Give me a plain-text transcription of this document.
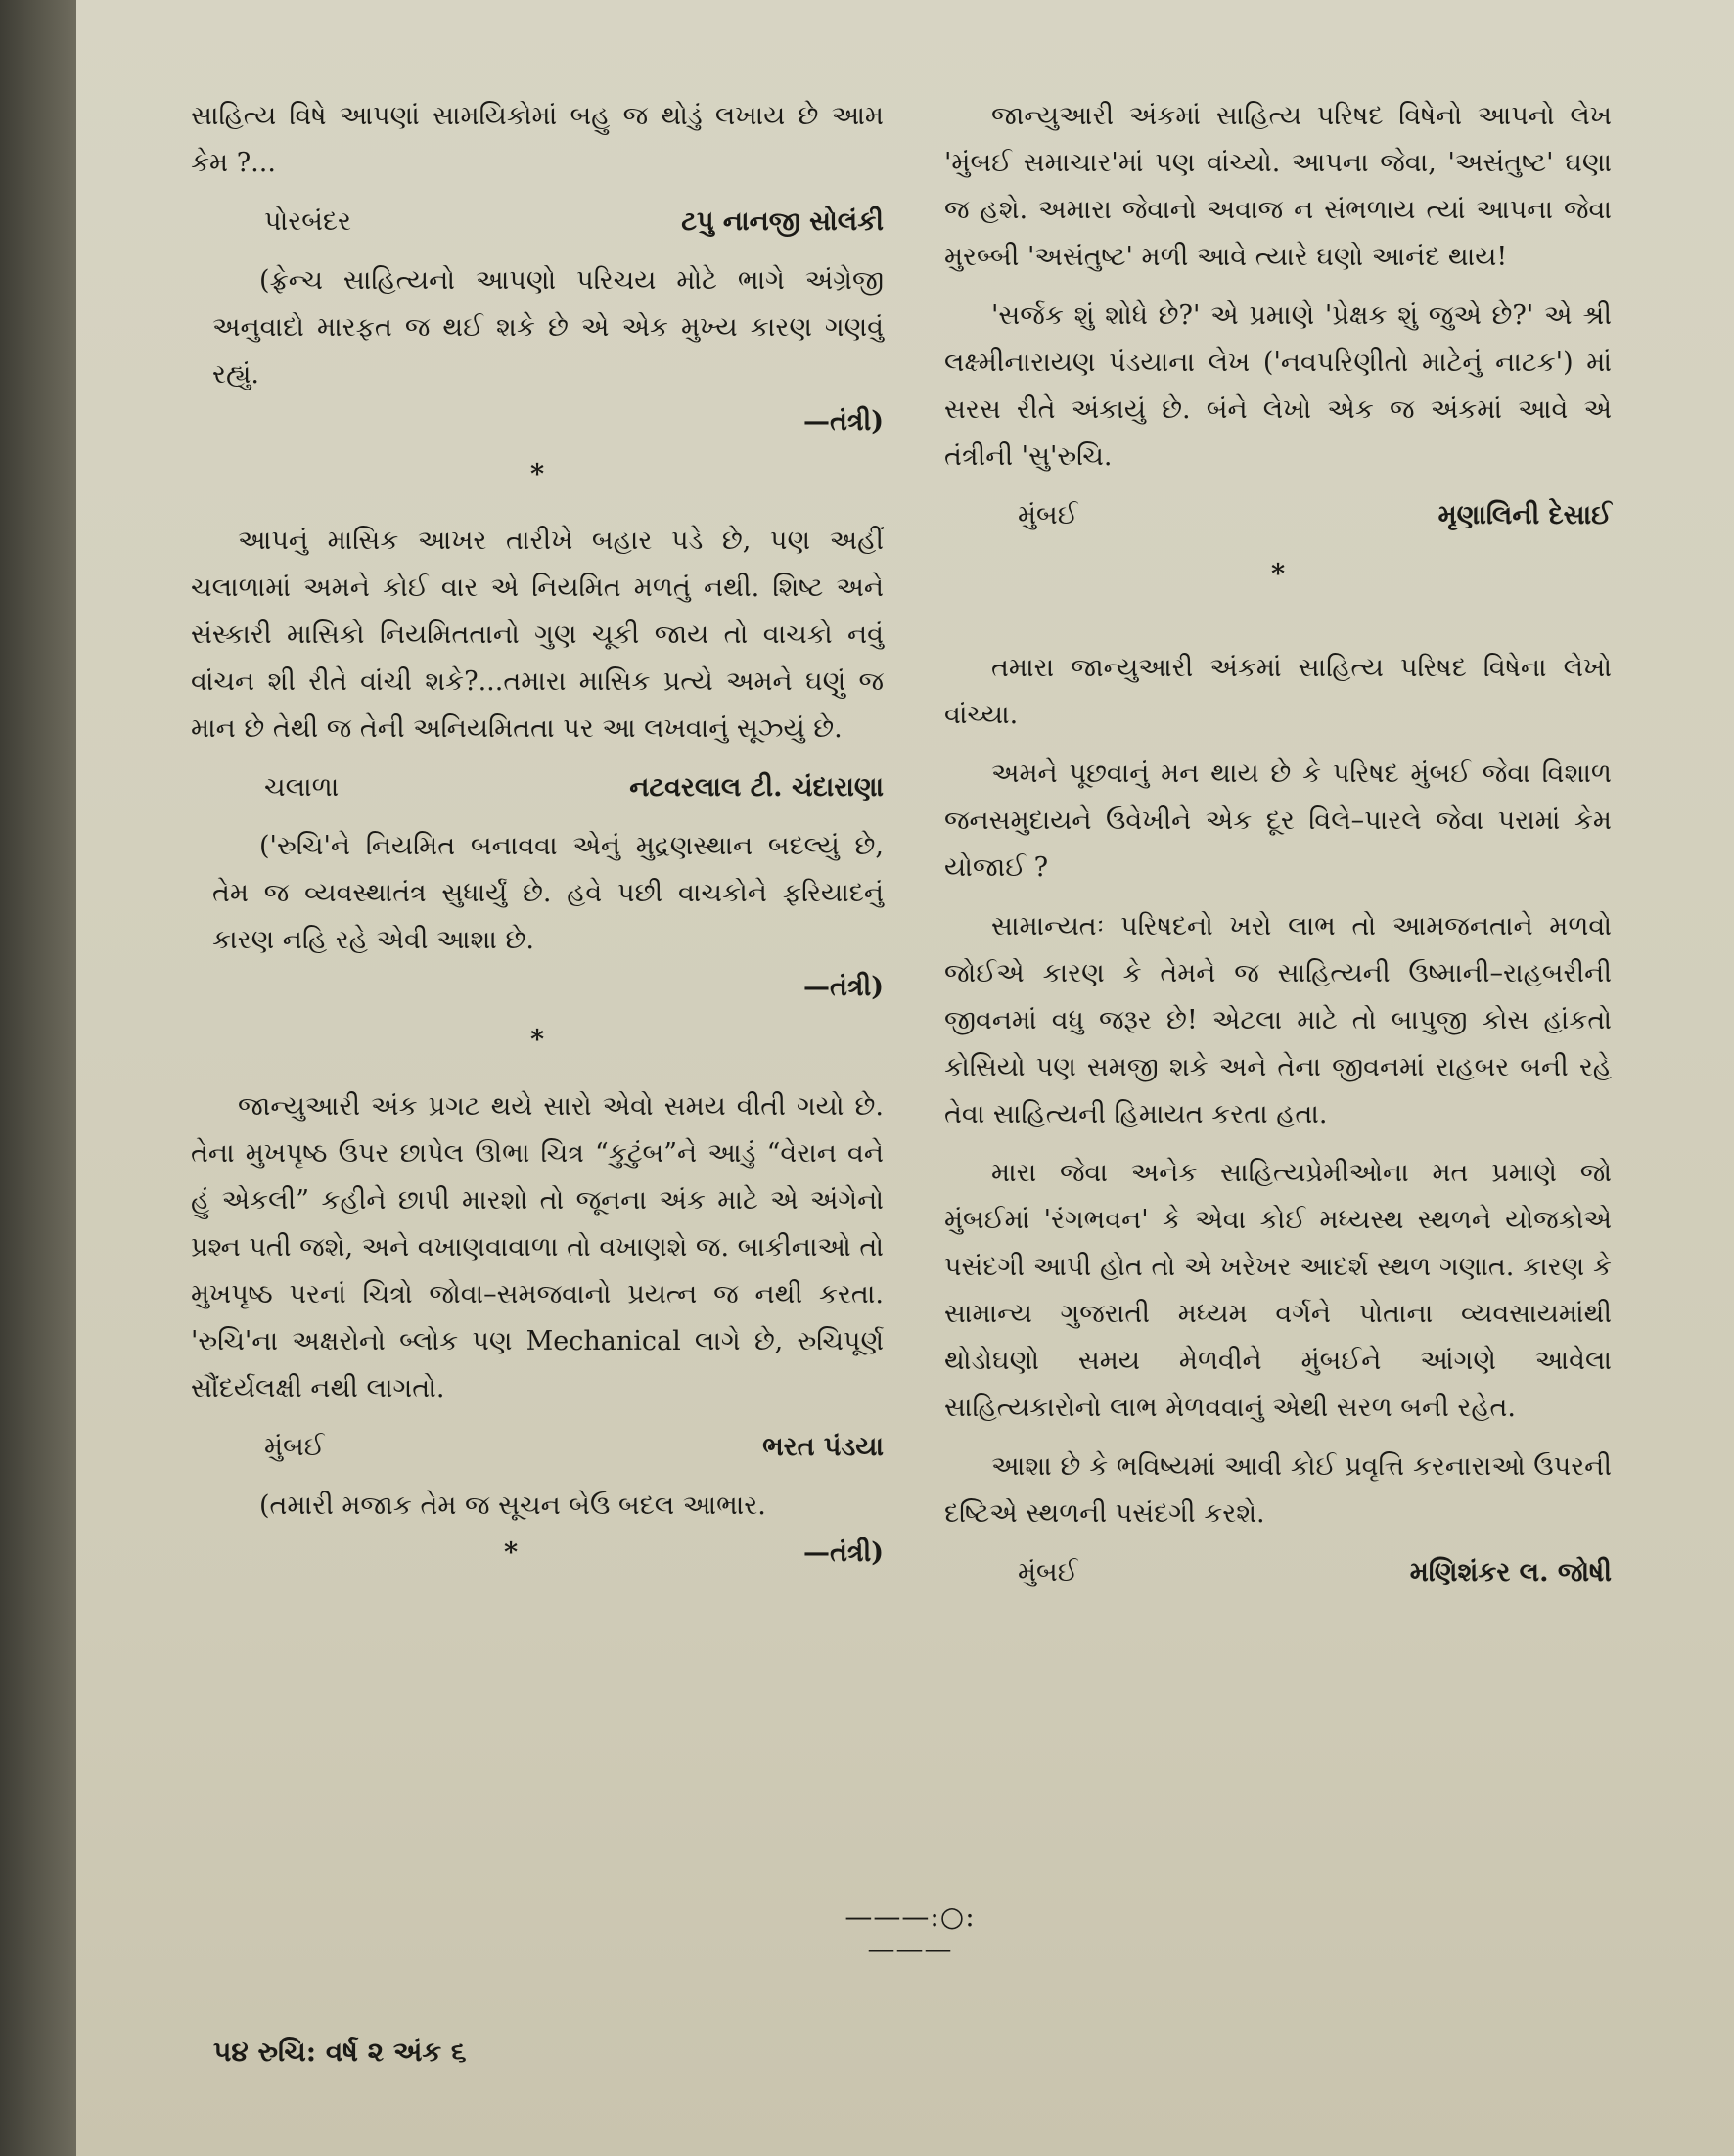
સાહિત્ય વિષે આપણાં સામયિકોમાં બહુ જ થોડું લખાય છે આમ કેમ ?...

પોરબંદર	ટપુ નાનજી સોલંકી

(ફ્રેન્ચ સાહિત્યનો આપણો પરિચય મોટે ભાગે અંગ્રેજી અનુવાદો મારફત જ થઈ શકે છે એ એક મુખ્ય કારણ ગણવું રહ્યું.

—તંત્રી)
*

આપનું માસિક આખર તારીખે બહાર પડે છે, પણ અહીં ચલાળામાં અમને કોઈ વાર એ નિયમિત મળતું નથી. શિષ્ટ અને સંસ્કારી માસિકો નિયમિતતાનો ગુણ ચૂકી જાય તો વાચકો નવું વાંચન શી રીતે વાંચી શકે?...તમારા માસિક પ્રત્યે અમને ઘણું જ માન છે તેથી જ તેની અનિયમિતતા પર આ લખવાનું સૂઝ્યું છે.

ચલાળા	નટવરલાલ ટી. ચંદારાણા

('રુચિ'ને નિયમિત બનાવવા એનું મુદ્રણસ્થાન બદલ્યું છે, તેમ જ વ્યવસ્થાતંત્ર સુધાર્યું છે. હવે પછી વાચકોને ફરિયાદનું કારણ નહિ રહે એવી આશા છે.

—તંત્રી)
*

જાન્યુઆરી અંક પ્રગટ થયે સારો એવો સમય વીતી ગયો છે. તેના મુખપૃષ્ઠ ઉપર છાપેલ ઊભા ચિત્ર “કુટુંબ”ને આડું “વેરાન વને હું એકલી” કહીને છાપી મારશો તો જૂનના અંક માટે એ અંગેનો પ્રશ્ન પતી જશે, અને વખાણવાવાળા તો વખાણશે જ. બાકીનાઓ તો મુખપૃષ્ઠ પરનાં ચિત્રો જોવા–સમજવાનો પ્રયત્ન જ નથી કરતા. 'રુચિ'ના અક્ષરોનો બ્લોક પણ Mechanical લાગે છે, રુચિપૂર્ણ સૌંદર્યલક્ષી નથી લાગતો.

મુંબઈ	ભરત પંડયા

(તમારી મજાક તેમ જ સૂચન બેઉ બદલ આભાર.

*	—તંત્રી)

જાન્યુઆરી અંકમાં સાહિત્ય પરિષદ વિષેનો આપનો લેખ 'મુંબઈ સમાચાર'માં પણ વાંચ્યો. આપના જેવા, 'અસંતુષ્ટ' ઘણા જ હશે. અમારા જેવાનો અવાજ ન સંભળાય ત્યાં આપના જેવા મુરબ્બી 'અસંતુષ્ટ' મળી આવે ત્યારે ઘણો આનંદ થાય!

'સર્જક શું શોધે છે?' એ પ્રમાણે 'પ્રેક્ષક શું જુએ છે?' એ શ્રી લક્ષ્મીનારાયણ પંડયાના લેખ ('નવપરિણીતો માટેનું નાટક') માં સરસ રીતે અંકાયું છે. બંને લેખો એક જ અંકમાં આવે એ તંત્રીની 'સુ'રુચિ.

મુંબઈ	મૃણાલિની દેસાઈ
*

તમારા જાન્યુઆરી અંકમાં સાહિત્ય પરિષદ વિષેના લેખો વાંચ્યા.

અમને પૂછવાનું મન થાય છે કે પરિષદ મુંબઈ જેવા વિશાળ જનસમુદાયને ઉવેખીને એક દૂર વિલે–પારલે જેવા પરામાં કેમ યોજાઈ ?

સામાન્યતઃ પરિષદનો ખરો લાભ તો આમજનતાને મળવો જોઈએ કારણ કે તેમને જ સાહિત્યની ઉષ્માની–રાહબરીની જીવનમાં વધુ જરૂર છે! એટલા માટે તો બાપુજી કોસ હાંકતો કોસિયો પણ સમજી શકે અને તેના જીવનમાં રાહબર બની રહે તેવા સાહિત્યની હિમાયત કરતા હતા.

મારા જેવા અનેક સાહિત્યપ્રેમીઓના મત પ્રમાણે જો મુંબઈમાં 'રંગભવન' કે એવા કોઈ મધ્યસ્થ સ્થળને યોજકોએ પસંદગી આપી હોત તો એ ખરેખર આદર્શ સ્થળ ગણાત. કારણ કે સામાન્ય ગુજરાતી મધ્યમ વર્ગને પોતાના વ્યવસાયમાંથી થોડોઘણો સમય મેળવીને મુંબઈને આંગણે આવેલા સાહિત્યકારોનો લાભ મેળવવાનું એથી સરળ બની રહેત.

આશા છે કે ભવિષ્યમાં આવી કોઈ પ્રવૃત્તિ કરનારાઓ ઉપરની દષ્ટિએ સ્થળની પસંદગી કરશે.

મુંબઈ	મણિશંકર લ. જોષી
———:○:———
૫૪ રુચિ: વર્ષ ૨ અંક ૬
